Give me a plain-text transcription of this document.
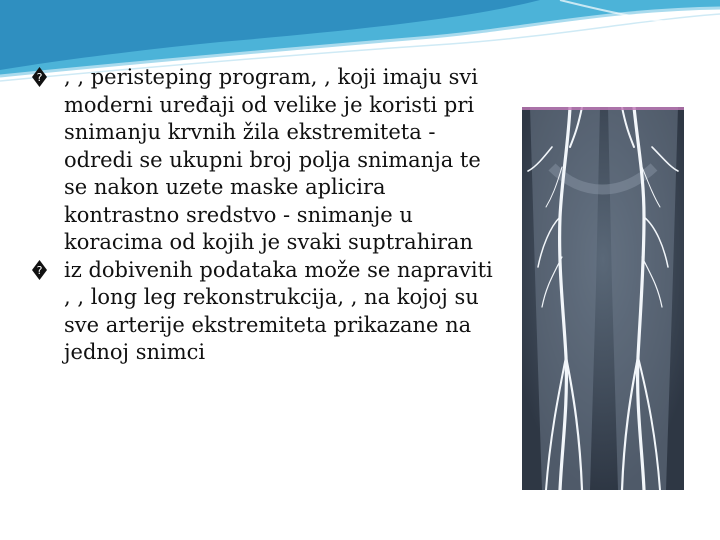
? , , peristeping program, , koji imaju svi moderni uređaji od velike je koristi pri snimanju krvnih žila ekstremiteta - odredi se ukupni broj polja snimanja te se nakon uzete maske aplicira kontrastno sredstvo - snimanje u koracima od kojih je svaki suptrahiran

? iz dobivenih podataka može se napraviti , , long leg rekonstrukcija, , na kojoj su sve arterije ekstremiteta prikazane na jednoj snimci
